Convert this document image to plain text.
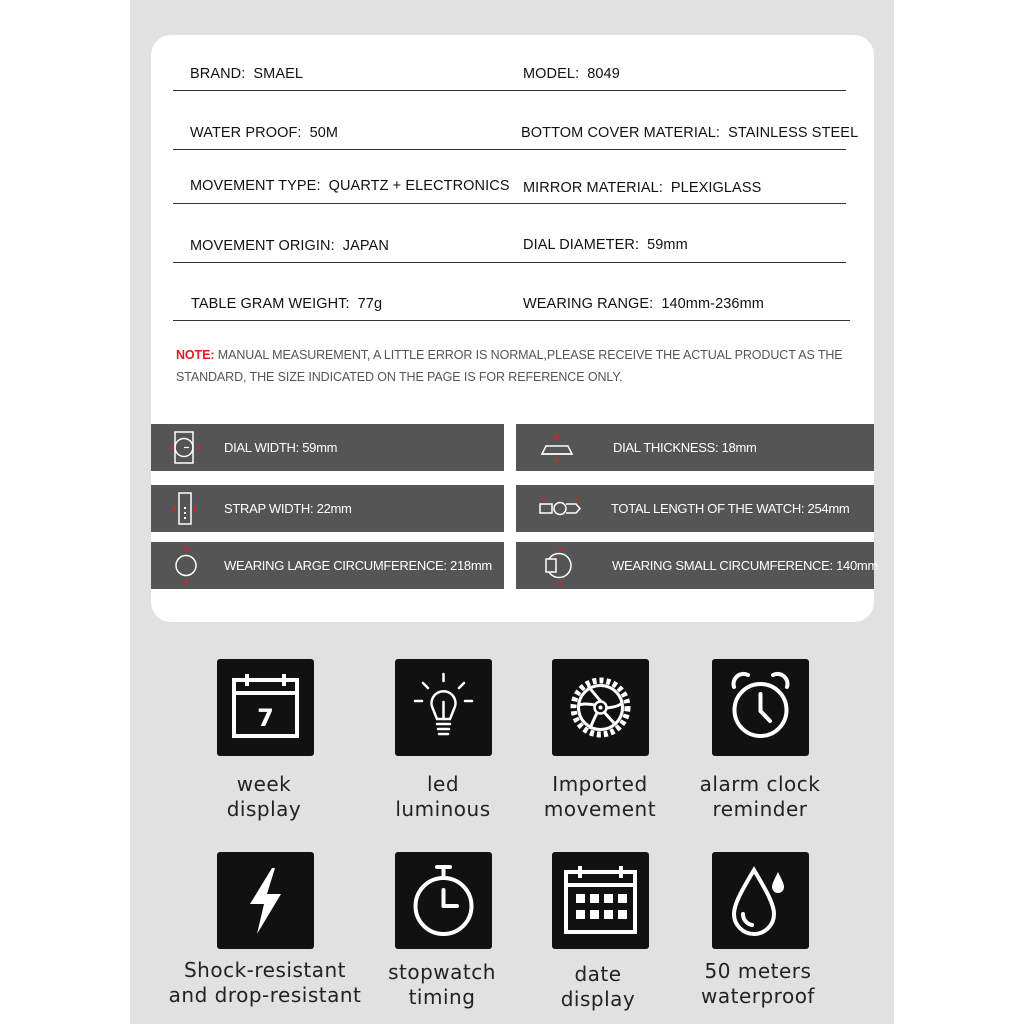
BRAND: SMAEL	MODEL: 8049
WATER PROOF: 50M	BOTTOM COVER MATERIAL: STAINLESS STEEL
MOVEMENT TYPE: QUARTZ + ELECTRONICS MIRROR MATERIAL: PLEXIGLASS
MOVEMENT ORIGIN: JAPAN	DIAL DIAMETER: 59mm
TABLE GRAM WEIGHT: 77g	WEARING RANGE: 140mm-236mm
NOTE: MANUAL MEASUREMENT, A LITTLE ERROR IS NORMAL,PLEASE RECEIVE THE ACTUAL PRODUCT AS THE STANDARD, THE SIZE INDICATED ON THE PAGE IS FOR REFERENCE ONLY.
DIAL WIDTH: 59mm	DIAL THICKNESS: 18mm
STRAP WIDTH: 22mm	TOTAL LENGTH OF THE WATCH: 254mm
WEARING LARGE CIRCUMFERENCE: 218mm	WEARING SMALL CIRCUMFERENCE: 140mm
7
week
display
led
luminous
Imported
movement
alarm clock
reminder
Shock-resistant
and drop-resistant
stopwatch
timing
date
display
50 meters
waterproof
